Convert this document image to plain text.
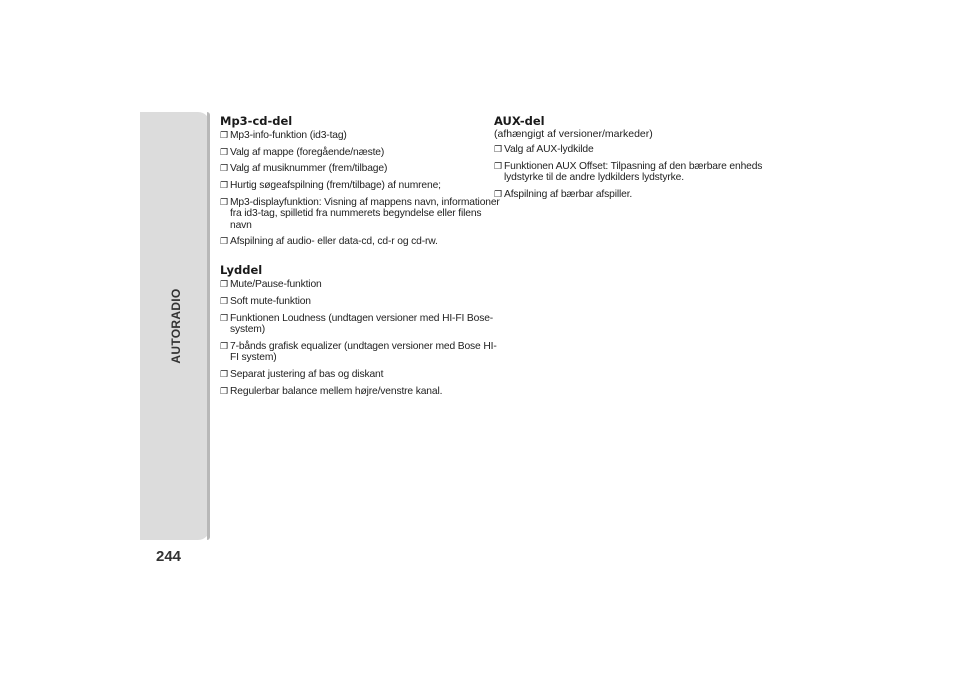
AUTORADIO
244
Mp3-cd-del
❐ Mp3-info-funktion (id3-tag)
❐ Valg af mappe (foregående/næste)
❐ Valg af musiknummer (frem/tilbage)
❐ Hurtig søgeafspilning (frem/tilbage) af numrene;
❐ Mp3-displayfunktion: Visning af mappens navn, informationer fra id3-tag, spilletid fra nummerets begyndelse eller filens navn
❐ Afspilning af audio- eller data-cd, cd-r og cd-rw.
Lyddel
❐ Mute/Pause-funktion
❐ Soft mute-funktion
❐ Funktionen Loudness (undtagen versioner med HI-FI Bose-system)
❐ 7-bånds grafisk equalizer (undtagen versioner med Bose HI-FI system)
❐ Separat justering af bas og diskant
❐ Regulerbar balance mellem højre/venstre kanal.
AUX-del

(afhængigt af versioner/markeder)

❐ Valg af AUX-lydkilde
❐ Funktionen AUX Offset: Tilpasning af den bærbare enheds lydstyrke til de andre lydkilders lydstyrke.
❐ Afspilning af bærbar afspiller.
